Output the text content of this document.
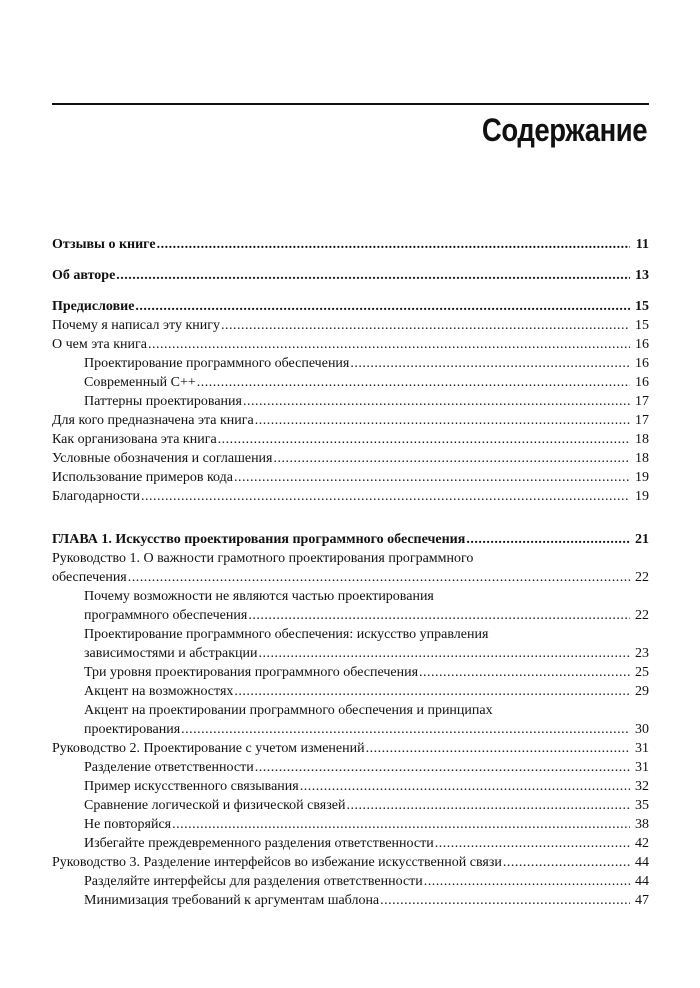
Содержание
Отзывы о книге . . .	11
Об авторе . . .	13
Предисловие . . .	15
Почему я написал эту книгу . . .	15
О чем эта книга . . .	16
Проектирование программного обеспечения . . .	16
Современный C++ . . .	16
Паттерны проектирования . . .	17
Для кого предназначена эта книга . . .	17
Как организована эта книга . . .	18
Условные обозначения и соглашения . . .	18
Использование примеров кода . . .	19
Благодарности . . .	19
ГЛАВА 1. Искусство проектирования программного обеспечения . . .	21
Руководство 1. О важности грамотного проектирования программного
обеспечения . . .	22
Почему возможности не являются частью проектирования
программного обеспечения . . .	22
Проектирование программного обеспечения: искусство управления
зависимостями и абстракции . . .	23
Три уровня проектирования программного обеспечения . . .	25
Акцент на возможностях . . .	29
Акцент на проектировании программного обеспечения и принципах
проектирования . . .	30
Руководство 2. Проектирование с учетом изменений . . .	31
Разделение ответственности . . .	31
Пример искусственного связывания . . .	32
Сравнение логической и физической связей . . .	35
Не повторяйся . . .	38
Избегайте преждевременного разделения ответственности . . .	42
Руководство 3. Разделение интерфейсов во избежание искусственной связи . . .	44
Разделяйте интерфейсы для разделения ответственности . . .	44
Минимизация требований к аргументам шаблона . . .	47
